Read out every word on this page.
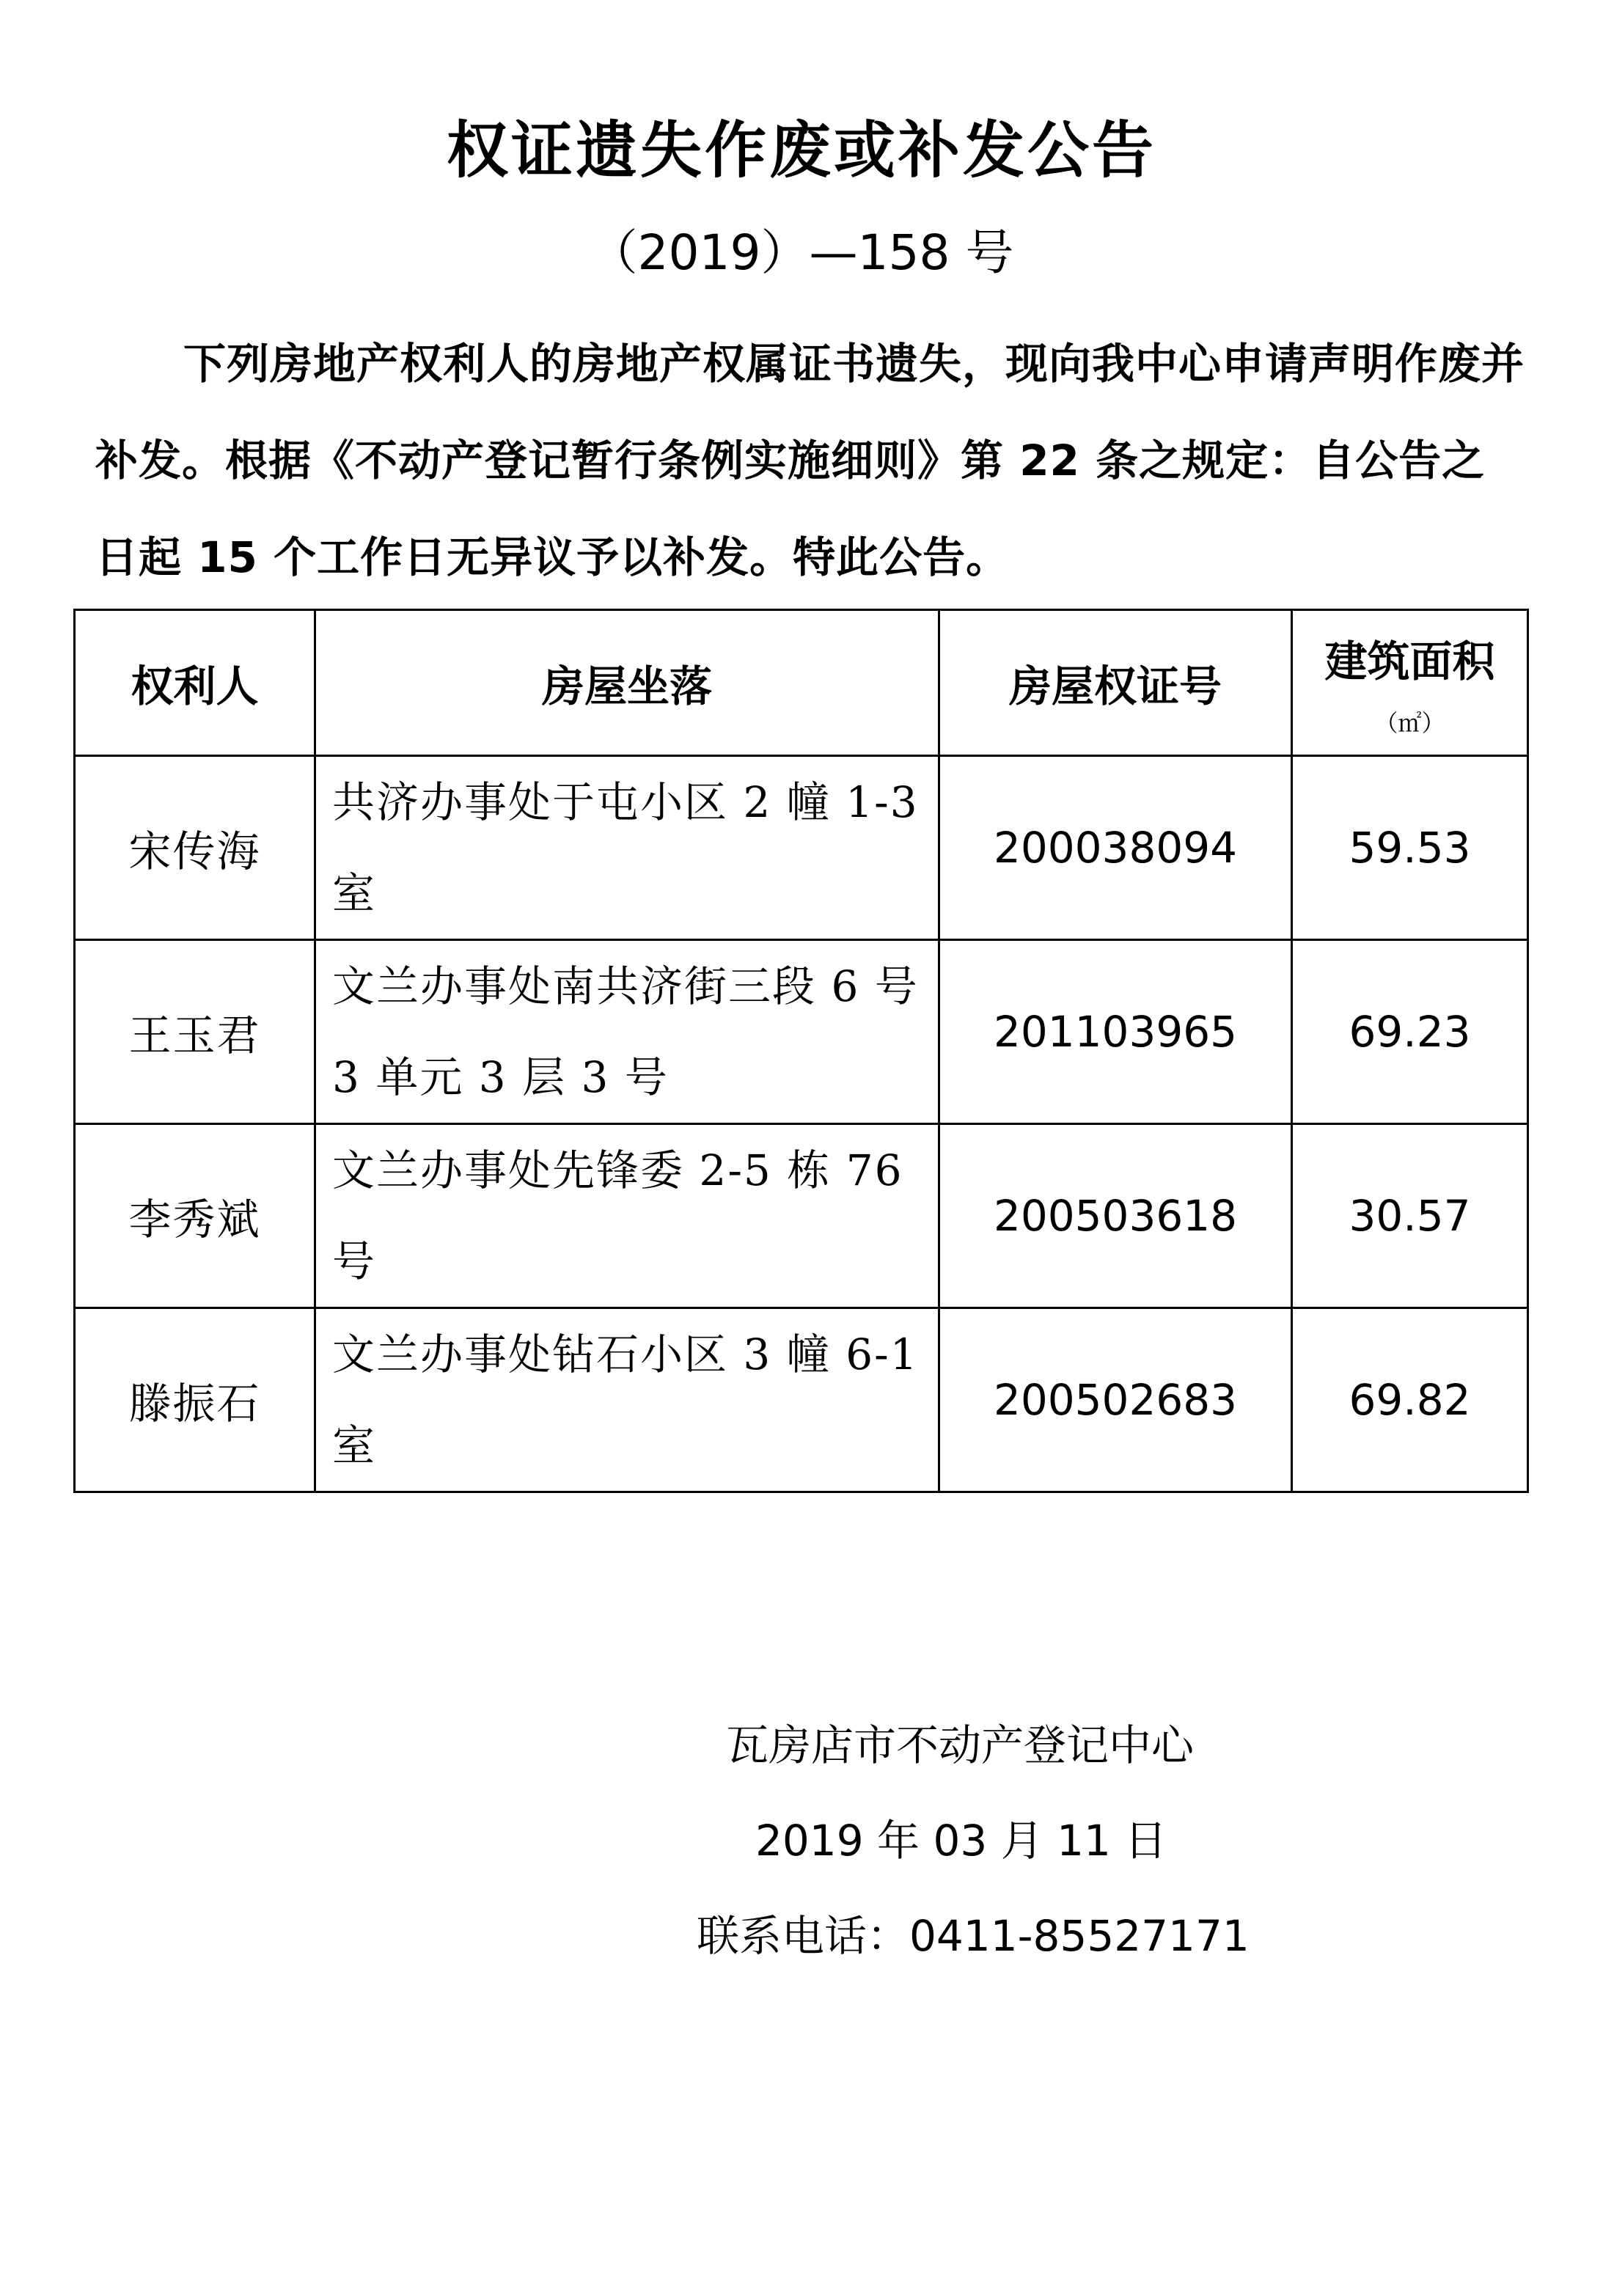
权证遗失作废或补发公告
（2019）—158 号
下列房地产权利人的房地产权属证书遗失，现向我中心申请声明作废并补发。根据《不动产登记暂行条例实施细则》第 22 条之规定：自公告之日起 15 个工作日无异议予以补发。特此公告。
权利人	房屋坐落	房屋权证号	建筑面积
（㎡）

宋传海	共济办事处于屯小区 2 幢 1-3 室	200038094	59.53
王玉君	文兰办事处南共济街三段 6 号 3 单元 3 层 3 号	201103965	69.23
李秀斌	文兰办事处先锋委 2-5 栋 76 号	200503618	30.57
滕振石	文兰办事处钻石小区 3 幢 6-1 室	200502683	69.82
瓦房店市不动产登记中心
2019 年 03 月 11 日
联系电话：0411-85527171
